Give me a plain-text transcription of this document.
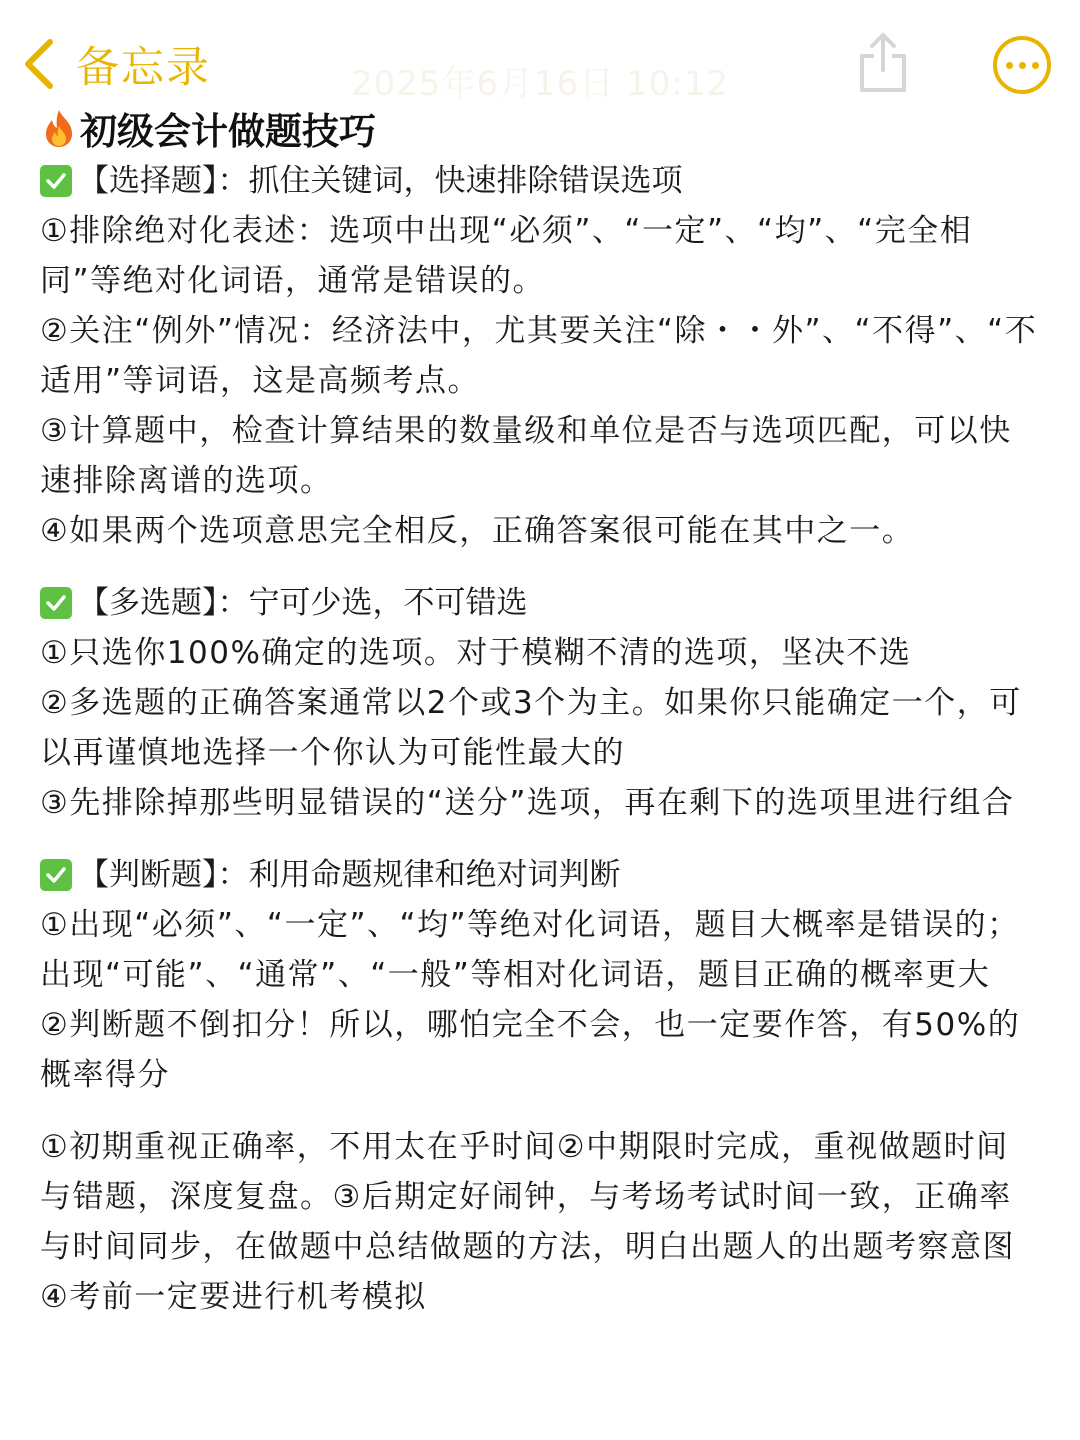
备忘录	2025年6月16日 10:12
初级会计做题技巧
【选择题】：抓住关键词，快速排除错误选项

①排除绝对化表述：选项中出现“必须”、“一定”、“均”、“完全相同”等绝对化词语，通常是错误的。

②关注“例外”情况：经济法中，尤其要关注“除・・外”、“不得”、“不适用”等词语，这是高频考点。

③计算题中，检查计算结果的数量级和单位是否与选项匹配，可以快速排除离谱的选项。

④如果两个选项意思完全相反，正确答案很可能在其中之一。

【多选题】：宁可少选，不可错选

①只选你100%确定的选项。对于模糊不清的选项，坚决不选

②多选题的正确答案通常以2个或3个为主。如果你只能确定一个，可以再谨慎地选择一个你认为可能性最大的

③先排除掉那些明显错误的“送分”选项，再在剩下的选项里进行组合

【判断题】：利用命题规律和绝对词判断

①出现“必须”、“一定”、“均”等绝对化词语，题目大概率是错误的；出现“可能”、“通常”、“一般”等相对化词语，题目正确的概率更大

②判断题不倒扣分！所以，哪怕完全不会，也一定要作答，有50%的概率得分

①初期重视正确率，不用太在乎时间②中期限时完成，重视做题时间与错题，深度复盘。③后期定好闹钟，与考场考试时间一致，正确率与时间同步，在做题中总结做题的方法，明白出题人的出题考察意图④考前一定要进行机考模拟
